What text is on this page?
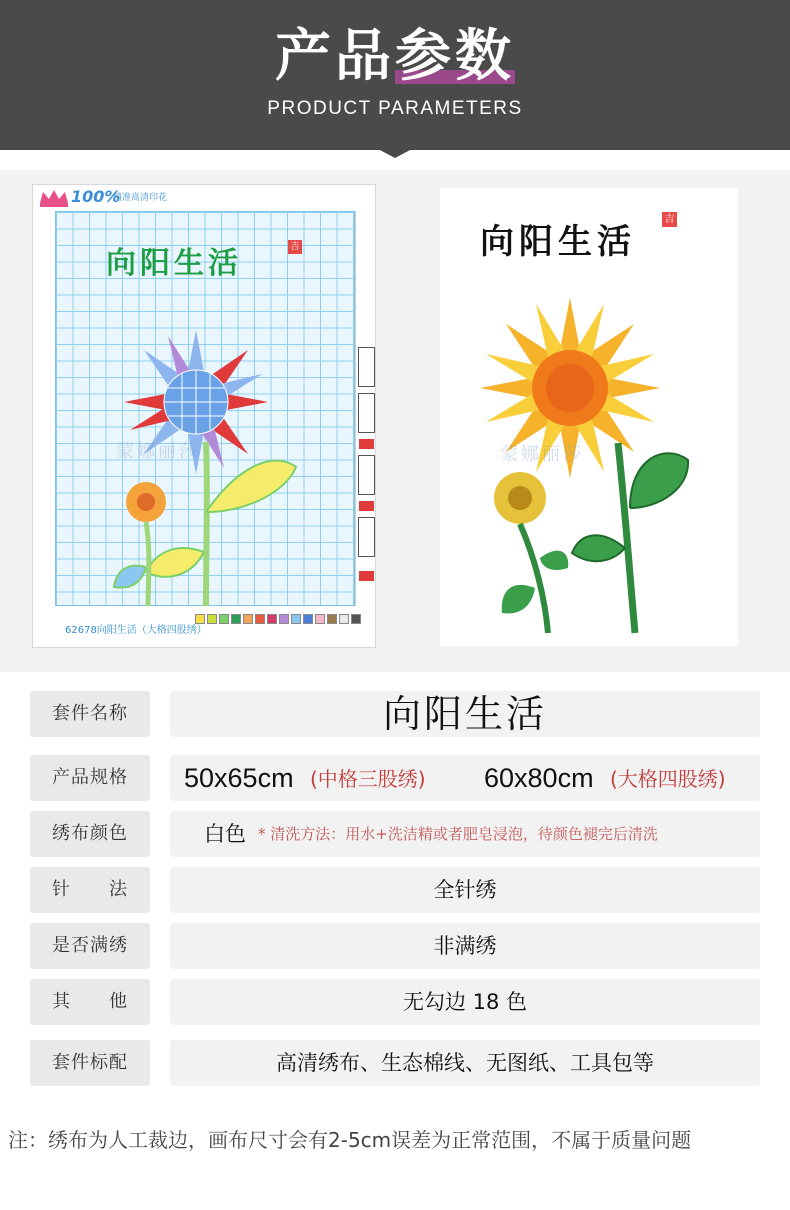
产品参数
PRODUCT PARAMETERS
100%
精准高清印花
向阳生活	吉
蒙娜丽莎
62678向阳生活（大格四股绣）
向阳生活
吉
蒙娜丽莎
套件名称	向阳生活
产品规格	50x65cm (中格三股绣) 60x80cm (大格四股绣)
绣布颜色	白色 * 清洗方法：用水+洗洁精或者肥皂浸泡，待颜色褪完后清洗
针　　法	全针绣
是否满绣	非满绣
其　　他	无勾边 18 色
套件标配	高清绣布、生态棉线、无图纸、工具包等
注：绣布为人工裁边，画布尺寸会有2-5cm误差为正常范围，不属于质量问题
